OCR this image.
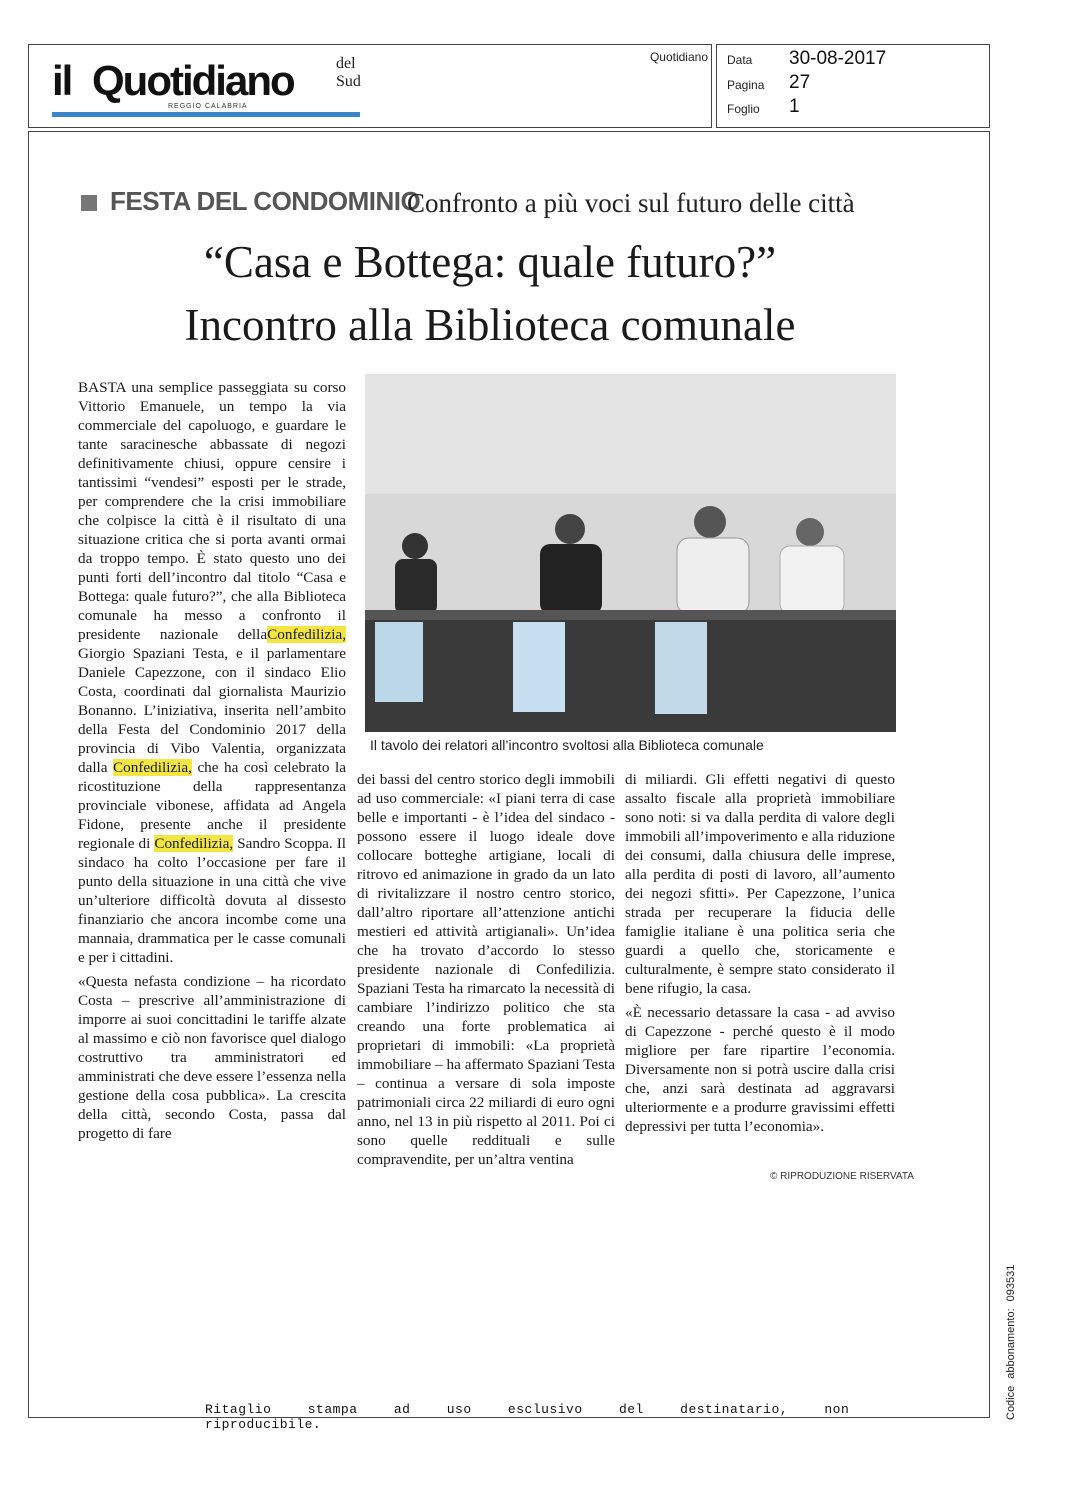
il Quotidiano	del Sud
REGGIO CALABRIA
Quotidiano Data 30-08-2017
Pagina 27
Foglio 1
FESTA DEL CONDOMINIO
Confronto a più voci sul futuro delle città
“Casa e Bottega: quale futuro?”
Incontro alla Biblioteca comunale

BASTA una semplice passeggiata su corso Vittorio Emanuele, un tempo la via commerciale del capoluogo, e guardare le tante saracinesche abbassate di negozi definitivamente chiusi, oppure censire i tantissimi “vendesi” esposti per le strade, per comprendere che la crisi immobiliare che colpisce la città è il risultato di una situazione critica che si porta avanti ormai da troppo tempo. È stato questo uno dei punti forti dell’incontro dal titolo “Casa e Bottega: quale futuro?”, che alla Biblioteca comunale ha messo a confronto il presidente nazionale dellaConfedilizia, Giorgio Spaziani Testa, e il parlamentare Daniele Capezzone, con il sindaco Elio Costa, coordinati dal giornalista Maurizio Bonanno. L’iniziativa, inserita nell’ambito della Festa del Condominio 2017 della provincia di Vibo Valentia, organizzata dalla Confedilizia, che ha così celebrato la ricostituzione della rappresentanza provinciale vibonese, affidata ad Angela Fidone, presente anche il presidente regionale di Confedilizia, Sandro Scoppa. Il sindaco ha colto l’occasione per fare il punto della situazione in una città che vive un’ulteriore difficoltà dovuta al dissesto finanziario che ancora incombe come una mannaia, drammatica per le casse comunali e per i cittadini.

«Questa nefasta condizione – ha ricordato Costa – prescrive all’amministrazione di imporre ai suoi concittadini le tariffe alzate al massimo e ciò non favorisce quel dialogo costruttivo tra amministratori ed amministrati che deve essere l’essenza nella gestione della cosa pubblica». La crescita della città, secondo Costa, passa dal progetto di fare

Il tavolo dei relatori all’incontro svoltosi alla Biblioteca comunale

dei bassi del centro storico degli immobili ad uso commerciale: «I piani terra di case belle e importanti - è l’idea del sindaco - possono essere il luogo ideale dove collocare botteghe artigiane, locali di ritrovo ed animazione in grado da un lato di rivitalizzare il nostro centro storico, dall’altro riportare all’attenzione antichi mestieri ed attività artigianali». Un’idea che ha trovato d’accordo lo stesso presidente nazionale di Confedilizia. Spaziani Testa ha rimarcato la necessità di cambiare l’indirizzo politico che sta creando una forte problematica ai proprietari di immobili: «La proprietà immobiliare – ha affermato Spaziani Testa – continua a versare di sola imposte patrimoniali circa 22 miliardi di euro ogni anno, nel 13 in più rispetto al 2011. Poi ci sono quelle reddituali e sulle compravendite, per un’altra ventina

di miliardi. Gli effetti negativi di questo assalto fiscale alla proprietà immobiliare sono noti: si va dalla perdita di valore degli immobili all’impoverimento e alla riduzione dei consumi, dalla chiusura delle imprese, alla perdita di posti di lavoro, all’aumento dei negozi sfitti». Per Capezzone, l’unica strada per recuperare la fiducia delle famiglie italiane è una politica seria che guardi a quello che, storicamente e culturalmente, è sempre stato considerato il bene rifugio, la casa.

«È necessario detassare la casa - ad avviso di Capezzone - perché questo è il modo migliore per fare ripartire l’economia. Diversamente non si potrà uscire dalla crisi che, anzi sarà destinata ad aggravarsi ulteriormente e a produrre gravissimi effetti depressivi per tutta l’economia».

© RIPRODUZIONE RISERVATA
Ritaglio stampa ad uso esclusivo del destinatario, non riproducibile.
Codice abbonamento: 093531
